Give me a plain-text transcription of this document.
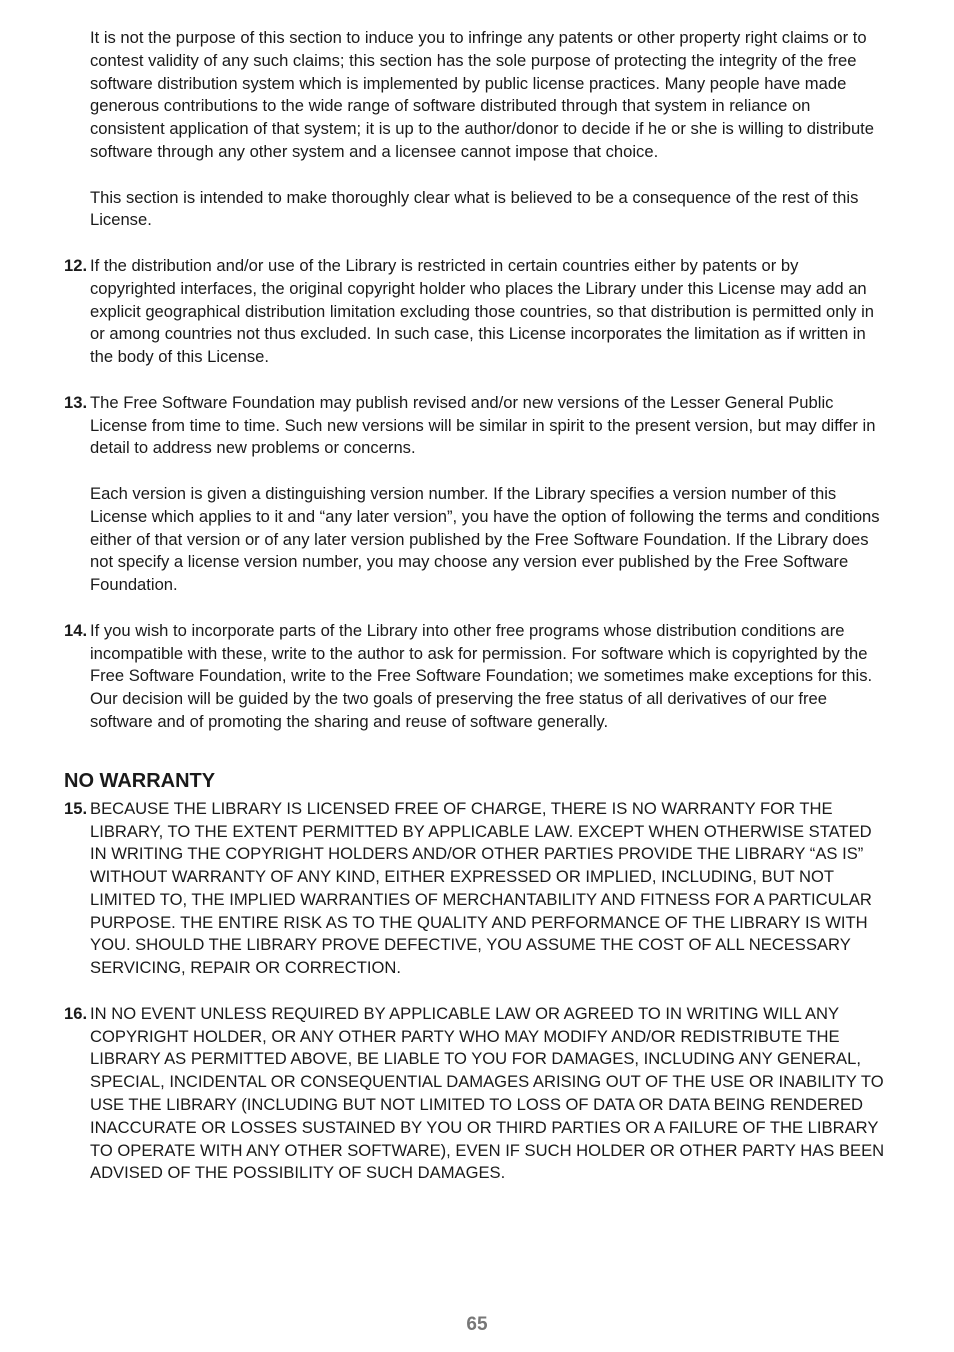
It is not the purpose of this section to induce you to infringe any patents or other property right claims or to contest validity of any such claims; this section has the sole purpose of protecting the integrity of the free software distribution system which is implemented by public license practices. Many people have made generous contributions to the wide range of software distributed through that system in reliance on consistent application of that system; it is up to the author/donor to decide if he or she is willing to distribute software through any other system and a licensee cannot impose that choice.

This section is intended to make thoroughly clear what is believed to be a consequence of the rest of this License.

12. If the distribution and/or use of the Library is restricted in certain countries either by patents or by copyrighted interfaces, the original copyright holder who places the Library under this License may add an explicit geographical distribution limitation excluding those countries, so that distribution is permitted only in or among countries not thus excluded. In such case, this License incorporates the limitation as if written in the body of this License.

13. The Free Software Foundation may publish revised and/or new versions of the Lesser General Public License from time to time. Such new versions will be similar in spirit to the present version, but may differ in detail to address new problems or concerns.

Each version is given a distinguishing version number. If the Library specifies a version number of this License which applies to it and “any later version”, you have the option of following the terms and conditions either of that version or of any later version published by the Free Software Foundation. If the Library does not specify a license version number, you may choose any version ever published by the Free Software Foundation.

14. If you wish to incorporate parts of the Library into other free programs whose distribution conditions are incompatible with these, write to the author to ask for permission. For software which is copyrighted by the Free Software Foundation, write to the Free Software Foundation; we sometimes make exceptions for this. Our decision will be guided by the two goals of preserving the free status of all derivatives of our free software and of promoting the sharing and reuse of software generally.

NO WARRANTY
15. BECAUSE THE LIBRARY IS LICENSED FREE OF CHARGE, THERE IS NO WARRANTY FOR THE LIBRARY, TO THE EXTENT PERMITTED BY APPLICABLE LAW. EXCEPT WHEN OTHERWISE STATED IN WRITING THE COPYRIGHT HOLDERS AND/OR OTHER PARTIES PROVIDE THE LIBRARY “AS IS” WITHOUT WARRANTY OF ANY KIND, EITHER EXPRESSED OR IMPLIED, INCLUDING, BUT NOT LIMITED TO, THE IMPLIED WARRANTIES OF MERCHANTABILITY AND FITNESS FOR A PARTICULAR PURPOSE. THE ENTIRE RISK AS TO THE QUALITY AND PERFORMANCE OF THE LIBRARY IS WITH YOU. SHOULD THE LIBRARY PROVE DEFECTIVE, YOU ASSUME THE COST OF ALL NECESSARY SERVICING, REPAIR OR CORRECTION.

16. IN NO EVENT UNLESS REQUIRED BY APPLICABLE LAW OR AGREED TO IN WRITING WILL ANY COPYRIGHT HOLDER, OR ANY OTHER PARTY WHO MAY MODIFY AND/OR REDISTRIBUTE THE LIBRARY AS PERMITTED ABOVE, BE LIABLE TO YOU FOR DAMAGES, INCLUDING ANY GENERAL, SPECIAL, INCIDENTAL OR CONSEQUENTIAL DAMAGES ARISING OUT OF THE USE OR INABILITY TO USE THE LIBRARY (INCLUDING BUT NOT LIMITED TO LOSS OF DATA OR DATA BEING RENDERED INACCURATE OR LOSSES SUSTAINED BY YOU OR THIRD PARTIES OR A FAILURE OF THE LIBRARY TO OPERATE WITH ANY OTHER SOFTWARE), EVEN IF SUCH HOLDER OR OTHER PARTY HAS BEEN ADVISED OF THE POSSIBILITY OF SUCH DAMAGES.

65
